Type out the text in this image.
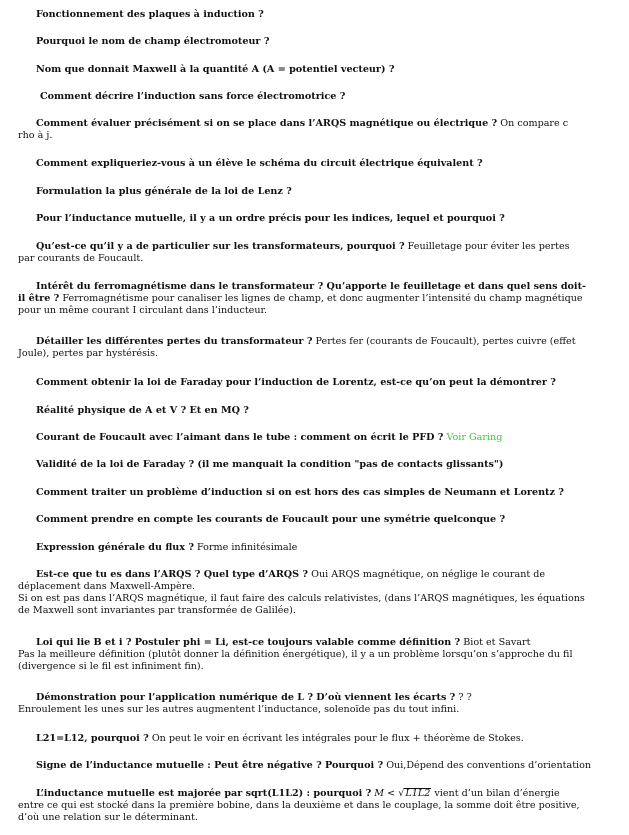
Fonctionnement des plaques à induction ?
Pourquoi le nom de champ électromoteur ?
Nom que donnait Maxwell à la quantité A (A = potentiel vecteur) ?
Comment décrire l’induction sans force électromotrice ?
Comment évaluer précisément si on se place dans l’ARQS magnétique ou électrique ? On compare c
rho à j.
Comment expliqueriez-vous à un élève le schéma du circuit électrique équivalent ?
Formulation la plus générale de la loi de Lenz ?
Pour l’inductance mutuelle, il y a un ordre précis pour les indices, lequel et pourquoi ?
Qu’est-ce qu’il y a de particulier sur les transformateurs, pourquoi ? Feuilletage pour éviter les pertes
par courants de Foucault.
Intérêt du ferromagnétisme dans le transformateur ? Qu’apporte le feuilletage et dans quel sens doit-
il être ? Ferromagnétisme pour canaliser les lignes de champ, et donc augmenter l’intensité du champ magnétique
pour un même courant I circulant dans l’inducteur.
Détailler les différentes pertes du transformateur ? Pertes fer (courants de Foucault), pertes cuivre (effet
Joule), pertes par hystérésis.
Comment obtenir la loi de Faraday pour l’induction de Lorentz, est-ce qu’on peut la démontrer ?
Réalité physique de A et V ? Et en MQ ?
Courant de Foucault avec l’aimant dans le tube : comment on écrit le PFD ? Voir Garing
Validité de la loi de Faraday ? (il me manquait la condition "pas de contacts glissants")
Comment traiter un problème d’induction si on est hors des cas simples de Neumann et Lorentz ?
Comment prendre en compte les courants de Foucault pour une symétrie quelconque ?
Expression générale du flux ? Forme infinitésimale
Est-ce que tu es dans l’ARQS ? Quel type d’ARQS ? Oui ARQS magnétique, on néglige le courant de
déplacement dans Maxwell-Ampère.
Si on est pas dans l’ARQS magnétique, il faut faire des calculs relativistes, (dans l’ARQS magnétiques, les équations
de Maxwell sont invariantes par transformée de Galilée).
Loi qui lie B et i ? Postuler phi = Li, est-ce toujours valable comme définition ? Biot et Savart
Pas la meilleure définition (plutôt donner la définition énergétique), il y a un problème lorsqu’on s’approche du fil
(divergence si le fil est infiniment fin).
Démonstration pour l’application numérique de L ? D’où viennent les écarts ? ? ?
Enroulement les unes sur les autres augmentent l’inductance, solenoïde pas du tout infini.
L21=L12, pourquoi ? On peut le voir en écrivant les intégrales pour le flux + théorème de Stokes.
Signe de l’inductance mutuelle : Peut être négative ? Pourquoi ? Oui,Dépend des conventions d’orientation
L’inductance mutuelle est majorée par sqrt(L1L2) : pourquoi ? M < √L1L2 vient d’un bilan d’énergie
entre ce qui est stocké dans la première bobine, dans la deuxième et dans le couplage, la somme doit être positive,
d’où une relation sur le déterminant.
